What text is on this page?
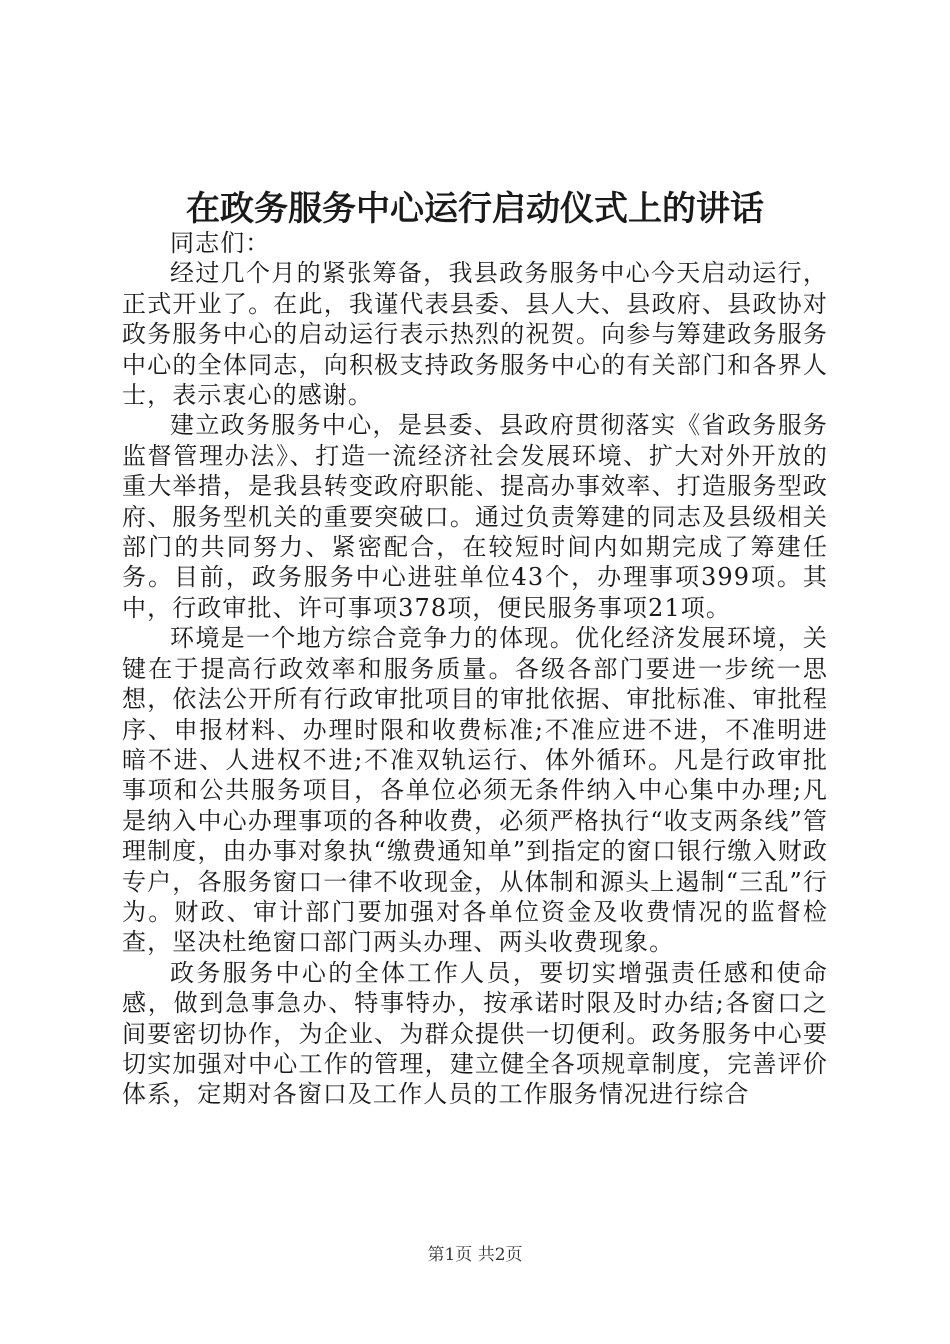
在政务服务中心运行启动仪式上的讲话

同志们：

经过几个月的紧张筹备，我县政务服务中心今天启动运行，正式开业了。在此，我谨代表县委、县人大、县政府、县政协对政务服务中心的启动运行表示热烈的祝贺。向参与筹建政务服务中心的全体同志，向积极支持政务服务中心的有关部门和各界人士，表示衷心的感谢。

建立政务服务中心，是县委、县政府贯彻落实《省政务服务监督管理办法》、打造一流经济社会发展环境、扩大对外开放的重大举措，是我县转变政府职能、提高办事效率、打造服务型政府、服务型机关的重要突破口。通过负责筹建的同志及县级相关部门的共同努力、紧密配合，在较短时间内如期完成了筹建任务。目前，政务服务中心进驻单位43个，办理事项399项。其中，行政审批、许可事项378项，便民服务事项21项。

环境是一个地方综合竞争力的体现。优化经济发展环境，关键在于提高行政效率和服务质量。各级各部门要进一步统一思想，依法公开所有行政审批项目的审批依据、审批标准、审批程序、申报材料、办理时限和收费标准;不准应进不进，不准明进暗不进、人进权不进;不准双轨运行、体外循环。凡是行政审批事项和公共服务项目，各单位必须无条件纳入中心集中办理;凡是纳入中心办理事项的各种收费，必须严格执行“收支两条线”管理制度，由办事对象执“缴费通知单”到指定的窗口银行缴入财政专户，各服务窗口一律不收现金，从体制和源头上遏制“三乱”行为。财政、审计部门要加强对各单位资金及收费情况的监督检查，坚决杜绝窗口部门两头办理、两头收费现象。

政务服务中心的全体工作人员，要切实增强责任感和使命感，做到急事急办、特事特办，按承诺时限及时办结;各窗口之间要密切协作，为企业、为群众提供一切便利。政务服务中心要切实加强对中心工作的管理，建立健全各项规章制度，完善评价体系，定期对各窗口及工作人员的工作服务情况进行综合

第1页 共2页
